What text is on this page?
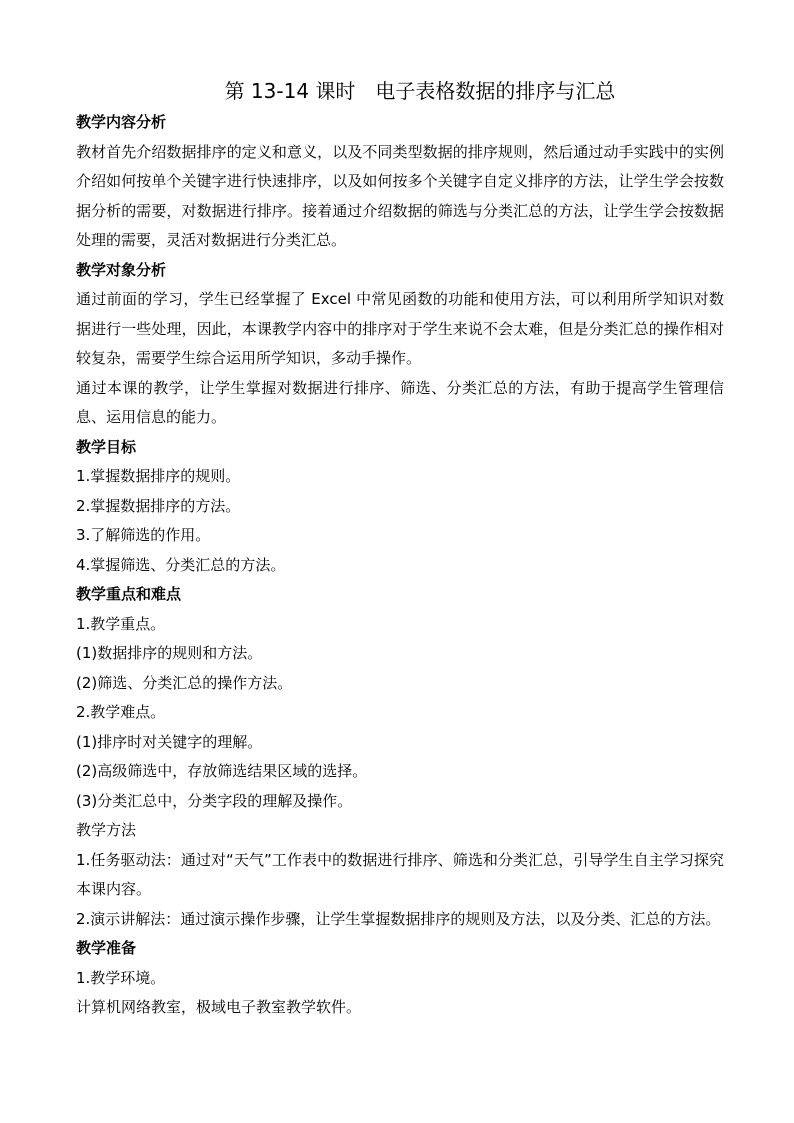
第 13-14 课时　电子表格数据的排序与汇总
教学内容分析

教材首先介绍数据排序的定义和意义，以及不同类型数据的排序规则，然后通过动手实践中的实例介绍如何按单个关键字进行快速排序，以及如何按多个关键字自定义排序的方法，让学生学会按数据分析的需要，对数据进行排序。接着通过介绍数据的筛选与分类汇总的方法，让学生学会按数据处理的需要，灵活对数据进行分类汇总。

教学对象分析

通过前面的学习，学生已经掌握了 Excel 中常见函数的功能和使用方法，可以利用所学知识对数据进行一些处理，因此，本课教学内容中的排序对于学生来说不会太难，但是分类汇总的操作相对较复杂，需要学生综合运用所学知识，多动手操作。

通过本课的教学，让学生掌握对数据进行排序、筛选、分类汇总的方法，有助于提高学生管理信息、运用信息的能力。

教学目标
1.掌握数据排序的规则。
2.掌握数据排序的方法。
3.了解筛选的作用。
4.掌握筛选、分类汇总的方法。
教学重点和难点
1.教学重点。
(1)数据排序的规则和方法。
(2)筛选、分类汇总的操作方法。
2.教学难点。
(1)排序时对关键字的理解。
(2)高级筛选中，存放筛选结果区域的选择。
(3)分类汇总中，分类字段的理解及操作。
教学方法

1.任务驱动法：通过对“天气”工作表中的数据进行排序、筛选和分类汇总，引导学生自主学习探究本课内容。

2.演示讲解法：通过演示操作步骤，让学生掌握数据排序的规则及方法，以及分类、汇总的方法。

教学准备
1.教学环境。
计算机网络教室，极域电子教室教学软件。
